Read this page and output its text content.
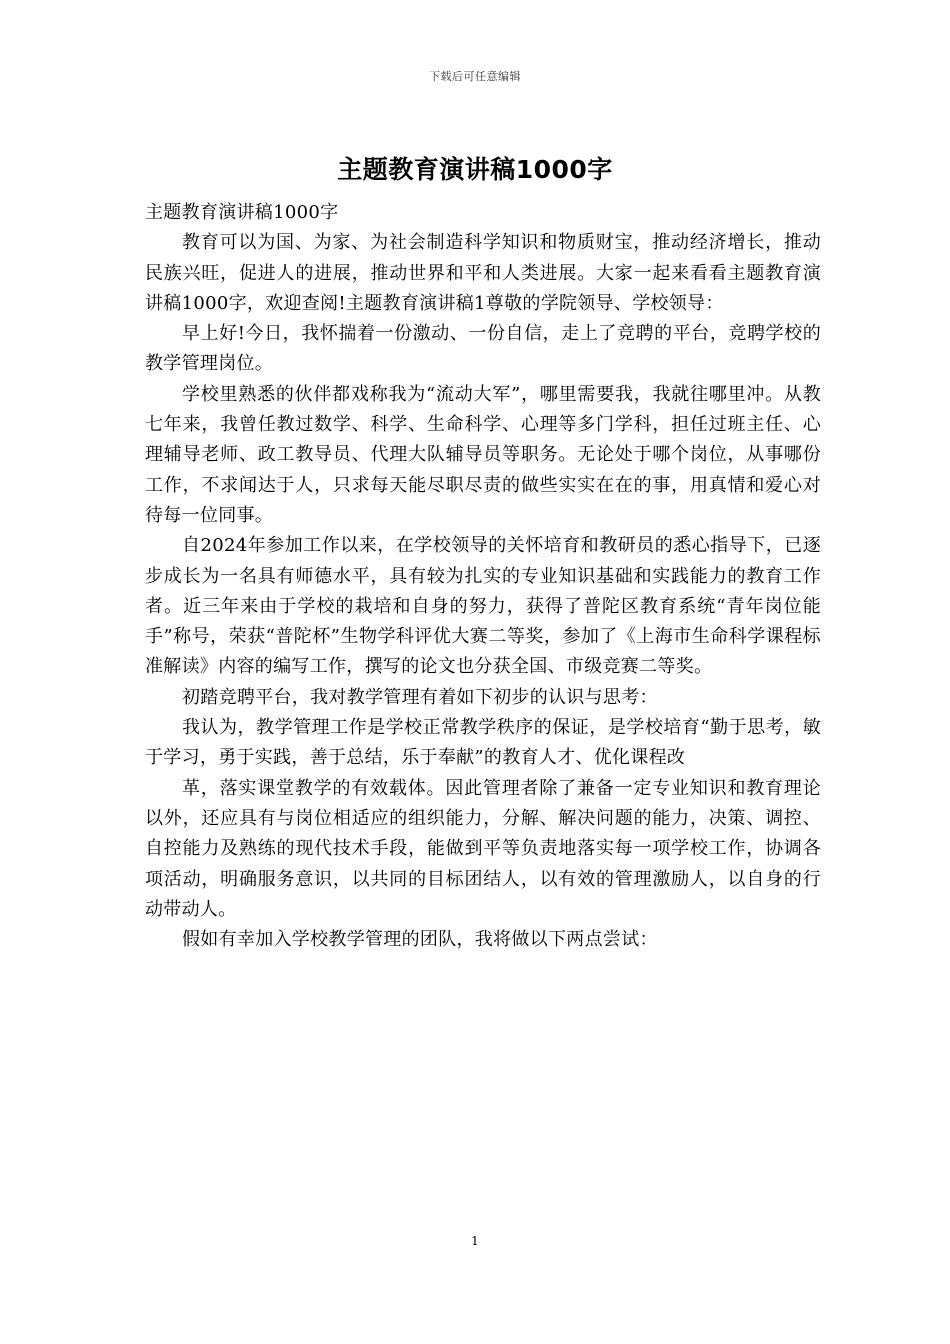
下载后可任意编辑
主题教育演讲稿1000字

主题教育演讲稿1000字

教育可以为国、为家、为社会制造科学知识和物质财宝，推动经济增长，推动民族兴旺，促进人的进展，推动世界和平和人类进展。大家一起来看看主题教育演讲稿1000字，欢迎查阅!主题教育演讲稿1尊敬的学院领导、学校领导：

早上好!今日，我怀揣着一份激动、一份自信，走上了竞聘的平台，竞聘学校的教学管理岗位。

学校里熟悉的伙伴都戏称我为“流动大军”，哪里需要我，我就往哪里冲。从教七年来，我曾任教过数学、科学、生命科学、心理等多门学科，担任过班主任、心理辅导老师、政工教导员、代理大队辅导员等职务。无论处于哪个岗位，从事哪份工作，不求闻达于人，只求每天能尽职尽责的做些实实在在的事，用真情和爱心对待每一位同事。

自2024年参加工作以来，在学校领导的关怀培育和教研员的悉心指导下，已逐步成长为一名具有师德水平，具有较为扎实的专业知识基础和实践能力的教育工作者。近三年来由于学校的栽培和自身的努力，获得了普陀区教育系统“青年岗位能手”称号，荣获“普陀杯”生物学科评优大赛二等奖，参加了《上海市生命科学课程标准解读》内容的编写工作，撰写的论文也分获全国、市级竞赛二等奖。

初踏竞聘平台，我对教学管理有着如下初步的认识与思考：

我认为，教学管理工作是学校正常教学秩序的保证，是学校培育“勤于思考，敏于学习，勇于实践，善于总结，乐于奉献”的教育人才、优化课程改

革，落实课堂教学的有效载体。因此管理者除了兼备一定专业知识和教育理论以外，还应具有与岗位相适应的组织能力，分解、解决问题的能力，决策、调控、自控能力及熟练的现代技术手段，能做到平等负责地落实每一项学校工作，协调各项活动，明确服务意识，以共同的目标团结人，以有效的管理激励人，以自身的行动带动人。

假如有幸加入学校教学管理的团队，我将做以下两点尝试：

1
